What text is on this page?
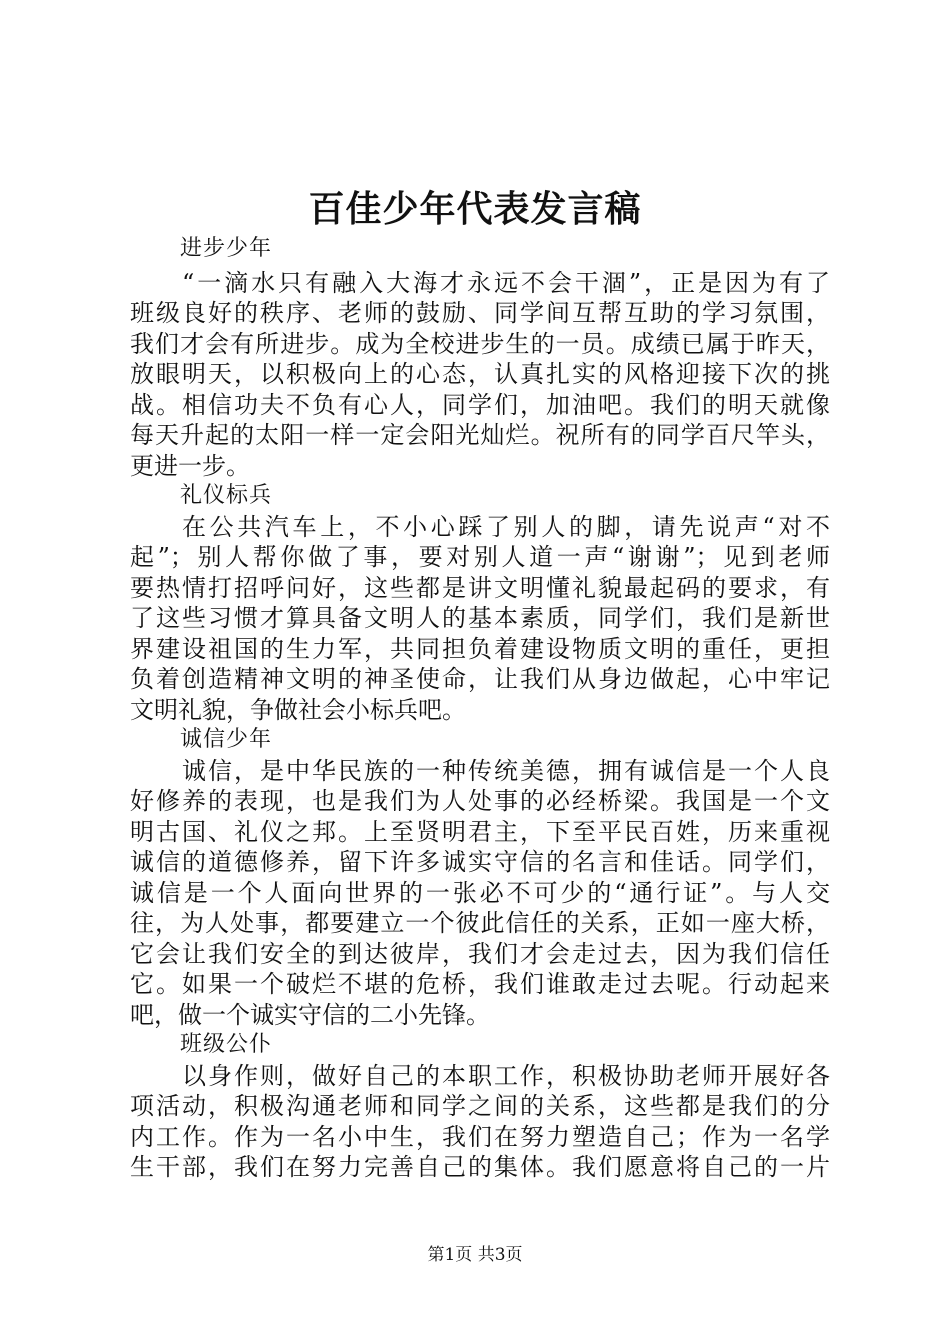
百佳少年代表发言稿
进步少年
“一滴水只有融入大海才永远不会干涸”，正是因为有了
班级良好的秩序、老师的鼓励、同学间互帮互助的学习氛围，
我们才会有所进步。成为全校进步生的一员。成绩已属于昨天，
放眼明天，以积极向上的心态，认真扎实的风格迎接下次的挑
战。相信功夫不负有心人，同学们，加油吧。我们的明天就像
每天升起的太阳一样一定会阳光灿烂。祝所有的同学百尺竿头，
更进一步。
礼仪标兵
在公共汽车上，不小心踩了别人的脚，请先说声“对不
起”；别人帮你做了事，要对别人道一声“谢谢”；见到老师
要热情打招呼问好，这些都是讲文明懂礼貌最起码的要求，有
了这些习惯才算具备文明人的基本素质，同学们，我们是新世
界建设祖国的生力军，共同担负着建设物质文明的重任，更担
负着创造精神文明的神圣使命，让我们从身边做起，心中牢记
文明礼貌，争做社会小标兵吧。
诚信少年
诚信，是中华民族的一种传统美德，拥有诚信是一个人良
好修养的表现，也是我们为人处事的必经桥梁。我国是一个文
明古国、礼仪之邦。上至贤明君主，下至平民百姓，历来重视
诚信的道德修养，留下许多诚实守信的名言和佳话。同学们，
诚信是一个人面向世界的一张必不可少的“通行证”。与人交
往，为人处事，都要建立一个彼此信任的关系，正如一座大桥，
它会让我们安全的到达彼岸，我们才会走过去，因为我们信任
它。如果一个破烂不堪的危桥，我们谁敢走过去呢。行动起来
吧，做一个诚实守信的二小先锋。
班级公仆
以身作则，做好自己的本职工作，积极协助老师开展好各
项活动，积极沟通老师和同学之间的关系，这些都是我们的分
内工作。作为一名小中生，我们在努力塑造自己；作为一名学
生干部，我们在努力完善自己的集体。我们愿意将自己的一片
第1页 共3页
